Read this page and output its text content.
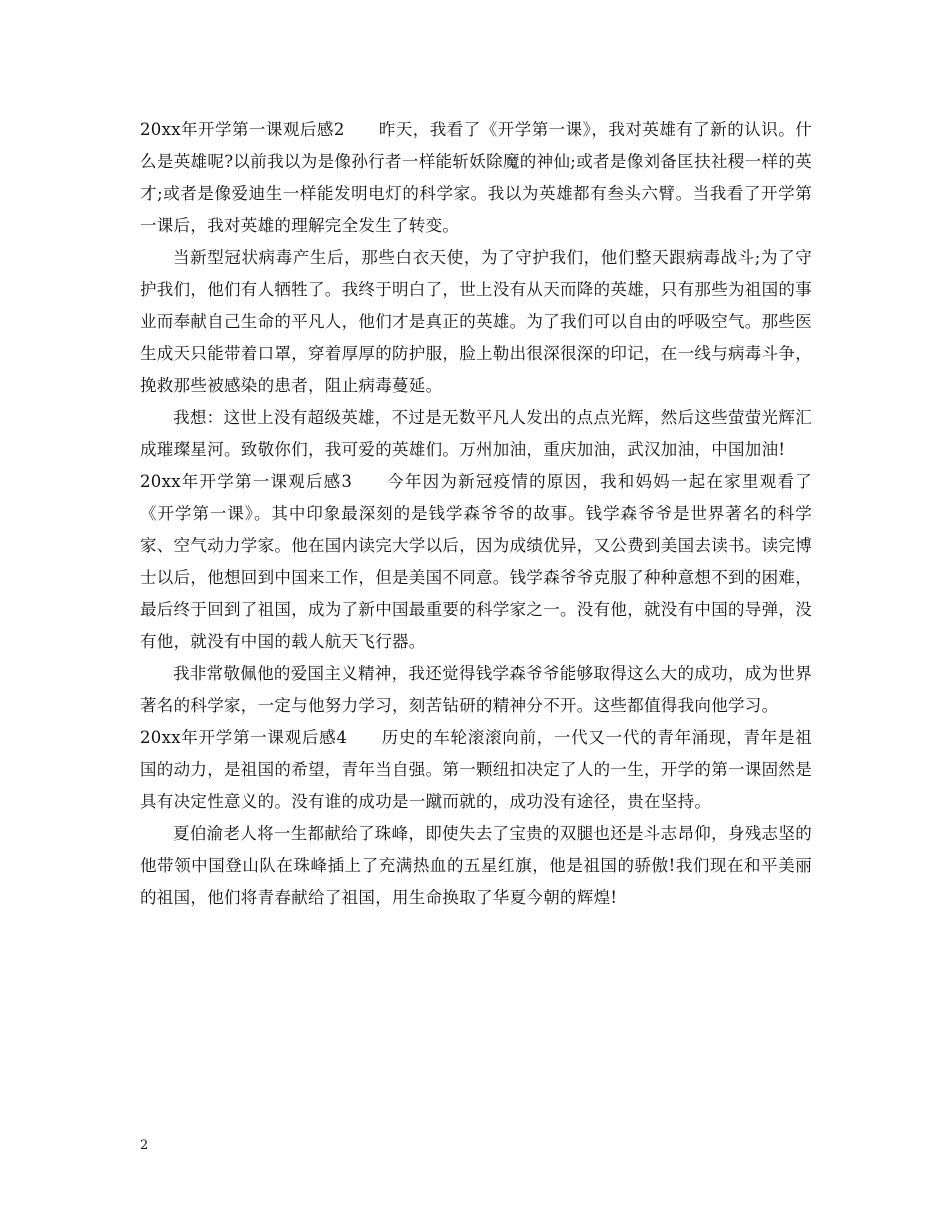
20xx年开学第一课观后感2 昨天，我看了《开学第一课》，我对英雄有了新的认识。什么是英雄呢?以前我以为是像孙行者一样能斩妖除魔的神仙;或者是像刘备匡扶社稷一样的英才;或者是像爱迪生一样能发明电灯的科学家。我以为英雄都有叁头六臂。当我看了开学第一课后，我对英雄的理解完全发生了转变。

当新型冠状病毒产生后，那些白衣天使，为了守护我们，他们整天跟病毒战斗;为了守护我们，他们有人牺牲了。我终于明白了，世上没有从天而降的英雄，只有那些为祖国的事业而奉献自己生命的平凡人，他们才是真正的英雄。为了我们可以自由的呼吸空气。那些医生成天只能带着口罩，穿着厚厚的防护服，脸上勒出很深很深的印记，在一线与病毒斗争，挽救那些被感染的患者，阻止病毒蔓延。

我想：这世上没有超级英雄，不过是无数平凡人发出的点点光辉，然后这些萤萤光辉汇成璀璨星河。致敬你们，我可爱的英雄们。万州加油，重庆加油，武汉加油，中国加油!

20xx年开学第一课观后感3 今年因为新冠疫情的原因，我和妈妈一起在家里观看了《开学第一课》。其中印象最深刻的是钱学森爷爷的故事。钱学森爷爷是世界著名的科学家、空气动力学家。他在国内读完大学以后，因为成绩优异，又公费到美国去读书。读完博士以后，他想回到中国来工作，但是美国不同意。钱学森爷爷克服了种种意想不到的困难，最后终于回到了祖国，成为了新中国最重要的科学家之一。没有他，就没有中国的导弹，没有他，就没有中国的载人航天飞行器。

我非常敬佩他的爱国主义精神，我还觉得钱学森爷爷能够取得这么大的成功，成为世界著名的科学家，一定与他努力学习，刻苦钻研的精神分不开。这些都值得我向他学习。

20xx年开学第一课观后感4 历史的车轮滚滚向前，一代又一代的青年涌现，青年是祖国的动力，是祖国的希望，青年当自强。第一颗纽扣决定了人的一生，开学的第一课固然是具有决定性意义的。没有谁的成功是一蹴而就的，成功没有途径，贵在坚持。

夏伯渝老人将一生都献给了珠峰，即使失去了宝贵的双腿也还是斗志昂仰，身残志坚的他带领中国登山队在珠峰插上了充满热血的五星红旗，他是祖国的骄傲!我们现在和平美丽的祖国，他们将青春献给了祖国，用生命换取了华夏今朝的辉煌!

2
